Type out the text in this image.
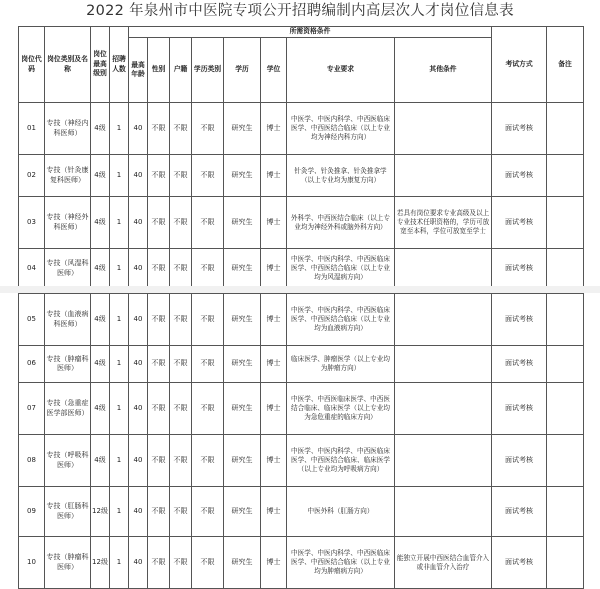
2022 年泉州市中医院专项公开招聘编制内高层次人才岗位信息表
岗位代码	岗位类别及名称	岗位最高级别	招聘人数	所需资格条件								考试方式	备注
				最高年龄	性别	户籍	学历类别	学历	学位	专业要求	其他条件		
01	专技（神经内科医师）	4级	1	40	不限	不限	不限	研究生	博士	中医学、中医内科学、中西医临床医学、中西医结合临床（以上专业均为神经内科方向）		面试考核	
02	专技（针灸康复科医师）	4级	1	40	不限	不限	不限	研究生	博士	针灸学、针灸推拿、针灸推拿学（以上专业均为康复方向）		面试考核	
03	专技（神经外科医师）	4级	1	40	不限	不限	不限	研究生	博士	外科学、中西医结合临床（以上专业均为神经外科或脑外科方向）	若具有岗位要求专业高级及以上专业技术任职资格的，学历可放宽至本科，学位可放宽至学士	面试考核	
04	专技（风湿科医师）	4级	1	40	不限	不限	不限	研究生	博士	中医学、中医内科学、中西医临床医学、中西医结合临床（以上专业均为风湿病方向）		面试考核	
05	专技（血液病科医师）	4级	1	40	不限	不限	不限	研究生	博士	中医学、中医内科学、中西医临床医学、中西医结合临床（以上专业均为血液病方向）		面试考核	
06	专技（肿瘤科医师）	4级	1	40	不限	不限	不限	研究生	博士	临床医学、肿瘤医学（以上专业均为肿瘤方向）		面试考核	
07	专技（急重症医学部医师）	4级	1	40	不限	不限	不限	研究生	博士	中医学、中西医临床医学、中西医结合临床、临床医学（以上专业均为急危重症的临床方向）		面试考核	
08	专技（呼吸科医师）	4级	1	40	不限	不限	不限	研究生	博士	中医学、中医内科学、中西医临床医学、中西医结合临床、临床医学（以上专业均为呼吸病方向）		面试考核	
09	专技（肛肠科医师）	12级	1	40	不限	不限	不限	研究生	博士	中医外科（肛肠方向）		面试考核	
10	专技（肿瘤科医师）	12级	1	40	不限	不限	不限	研究生	博士	中医学、中医内科学、中西医临床医学、中西医结合临床（以上专业均为肿瘤病方向）	能独立开展中西医结合血管介入或非血管介入治疗	面试考核	
